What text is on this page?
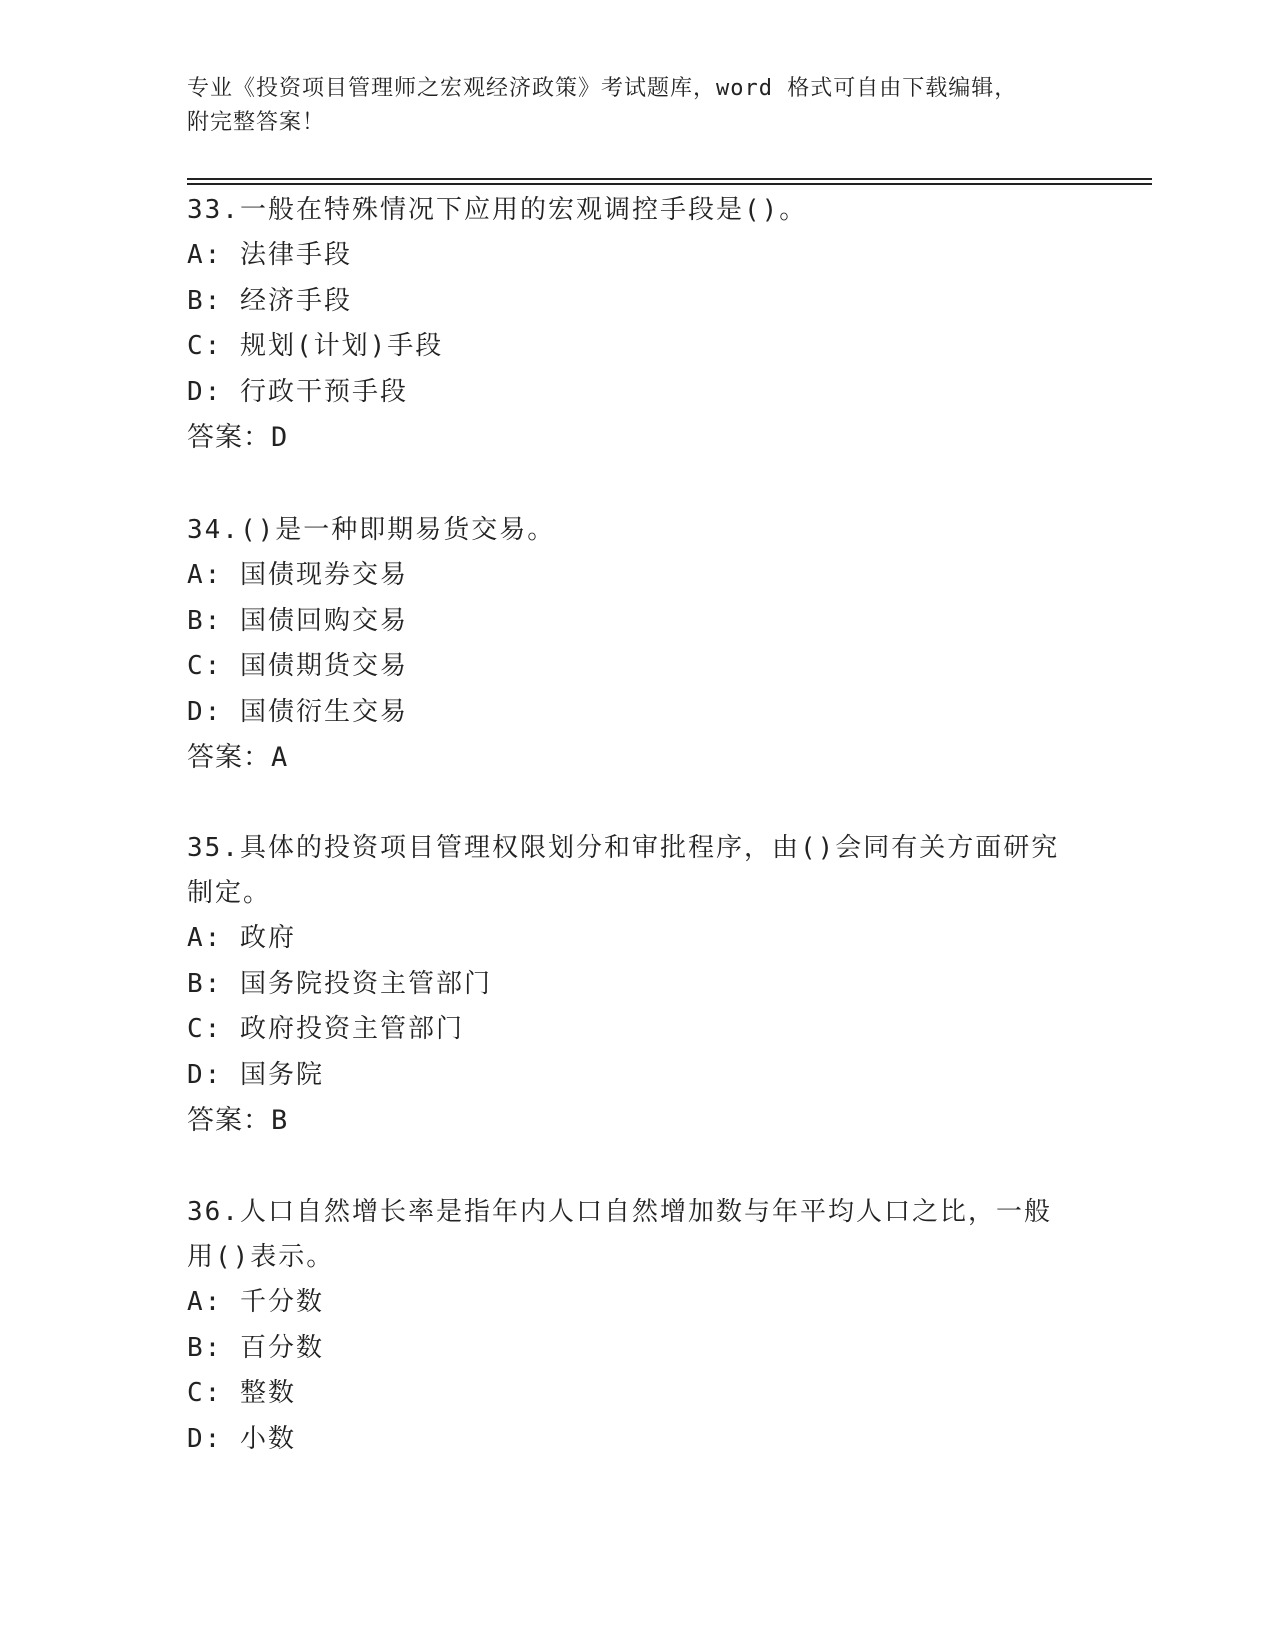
专业《投资项目管理师之宏观经济政策》考试题库，word 格式可自由下载编辑，
附完整答案！

33.一般在特殊情况下应用的宏观调控手段是()。

A: 法律手段

B: 经济手段

C: 规划(计划)手段

D: 行政干预手段

答案：D

34.()是一种即期易货交易。

A: 国债现券交易

B: 国债回购交易

C: 国债期货交易

D: 国债衍生交易

答案：A

35.具体的投资项目管理权限划分和审批程序，由()会同有关方面研究

制定。

A: 政府

B: 国务院投资主管部门

C: 政府投资主管部门

D: 国务院

答案：B

36.人口自然增长率是指年内人口自然增加数与年平均人口之比，一般

用()表示。

A: 千分数

B: 百分数

C: 整数

D: 小数
